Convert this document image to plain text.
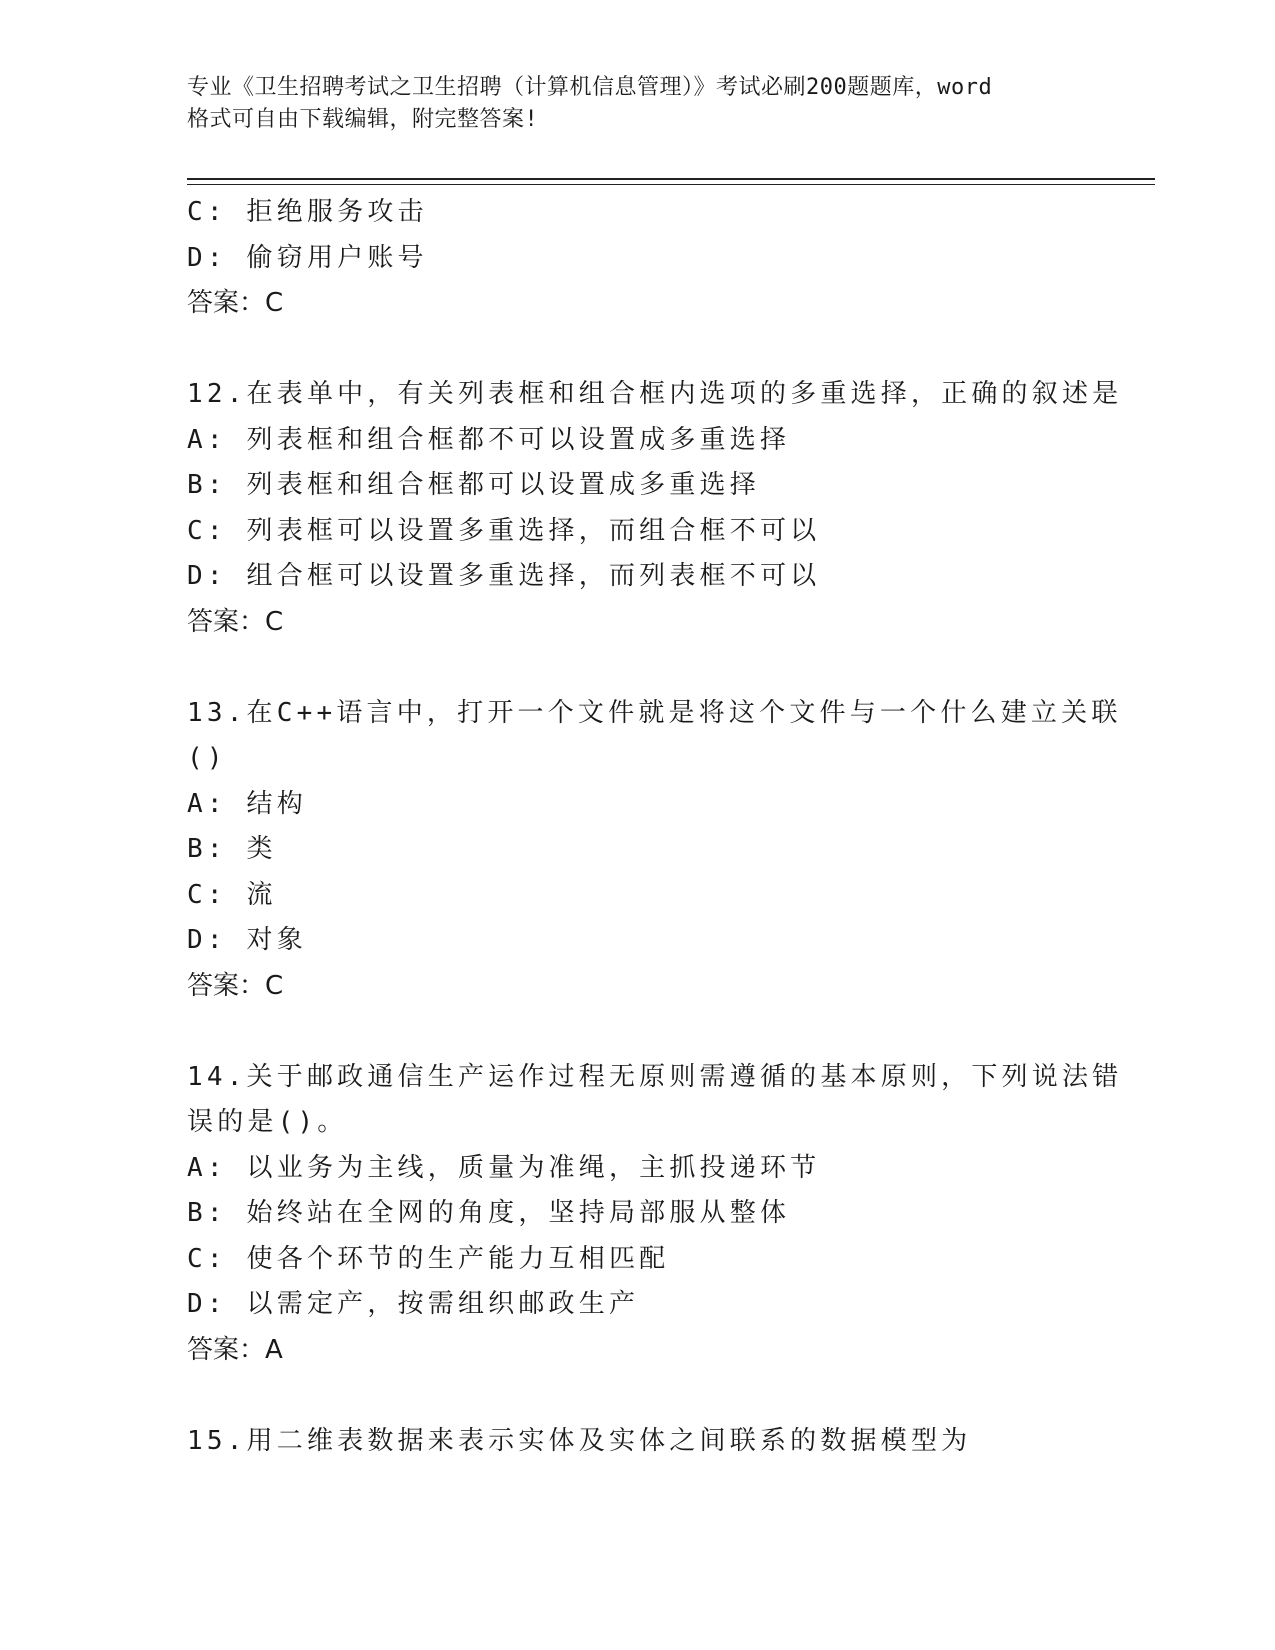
专业《卫生招聘考试之卫生招聘（计算机信息管理）》考试必刷200题题库，word
格式可自由下载编辑，附完整答案!
C: 拒绝服务攻击
D: 偷窃用户账号
答案：C
12.在表单中，有关列表框和组合框内选项的多重选择，正确的叙述是
A: 列表框和组合框都不可以设置成多重选择
B: 列表框和组合框都可以设置成多重选择
C: 列表框可以设置多重选择，而组合框不可以
D: 组合框可以设置多重选择，而列表框不可以
答案：C
13.在C++语言中，打开一个文件就是将这个文件与一个什么建立关联
()
A: 结构
B: 类
C: 流
D: 对象
答案：C
14.关于邮政通信生产运作过程无原则需遵循的基本原则，下列说法错
误的是()。
A: 以业务为主线，质量为准绳，主抓投递环节
B: 始终站在全网的角度，坚持局部服从整体
C: 使各个环节的生产能力互相匹配
D: 以需定产，按需组织邮政生产
答案：A
15.用二维表数据来表示实体及实体之间联系的数据模型为
